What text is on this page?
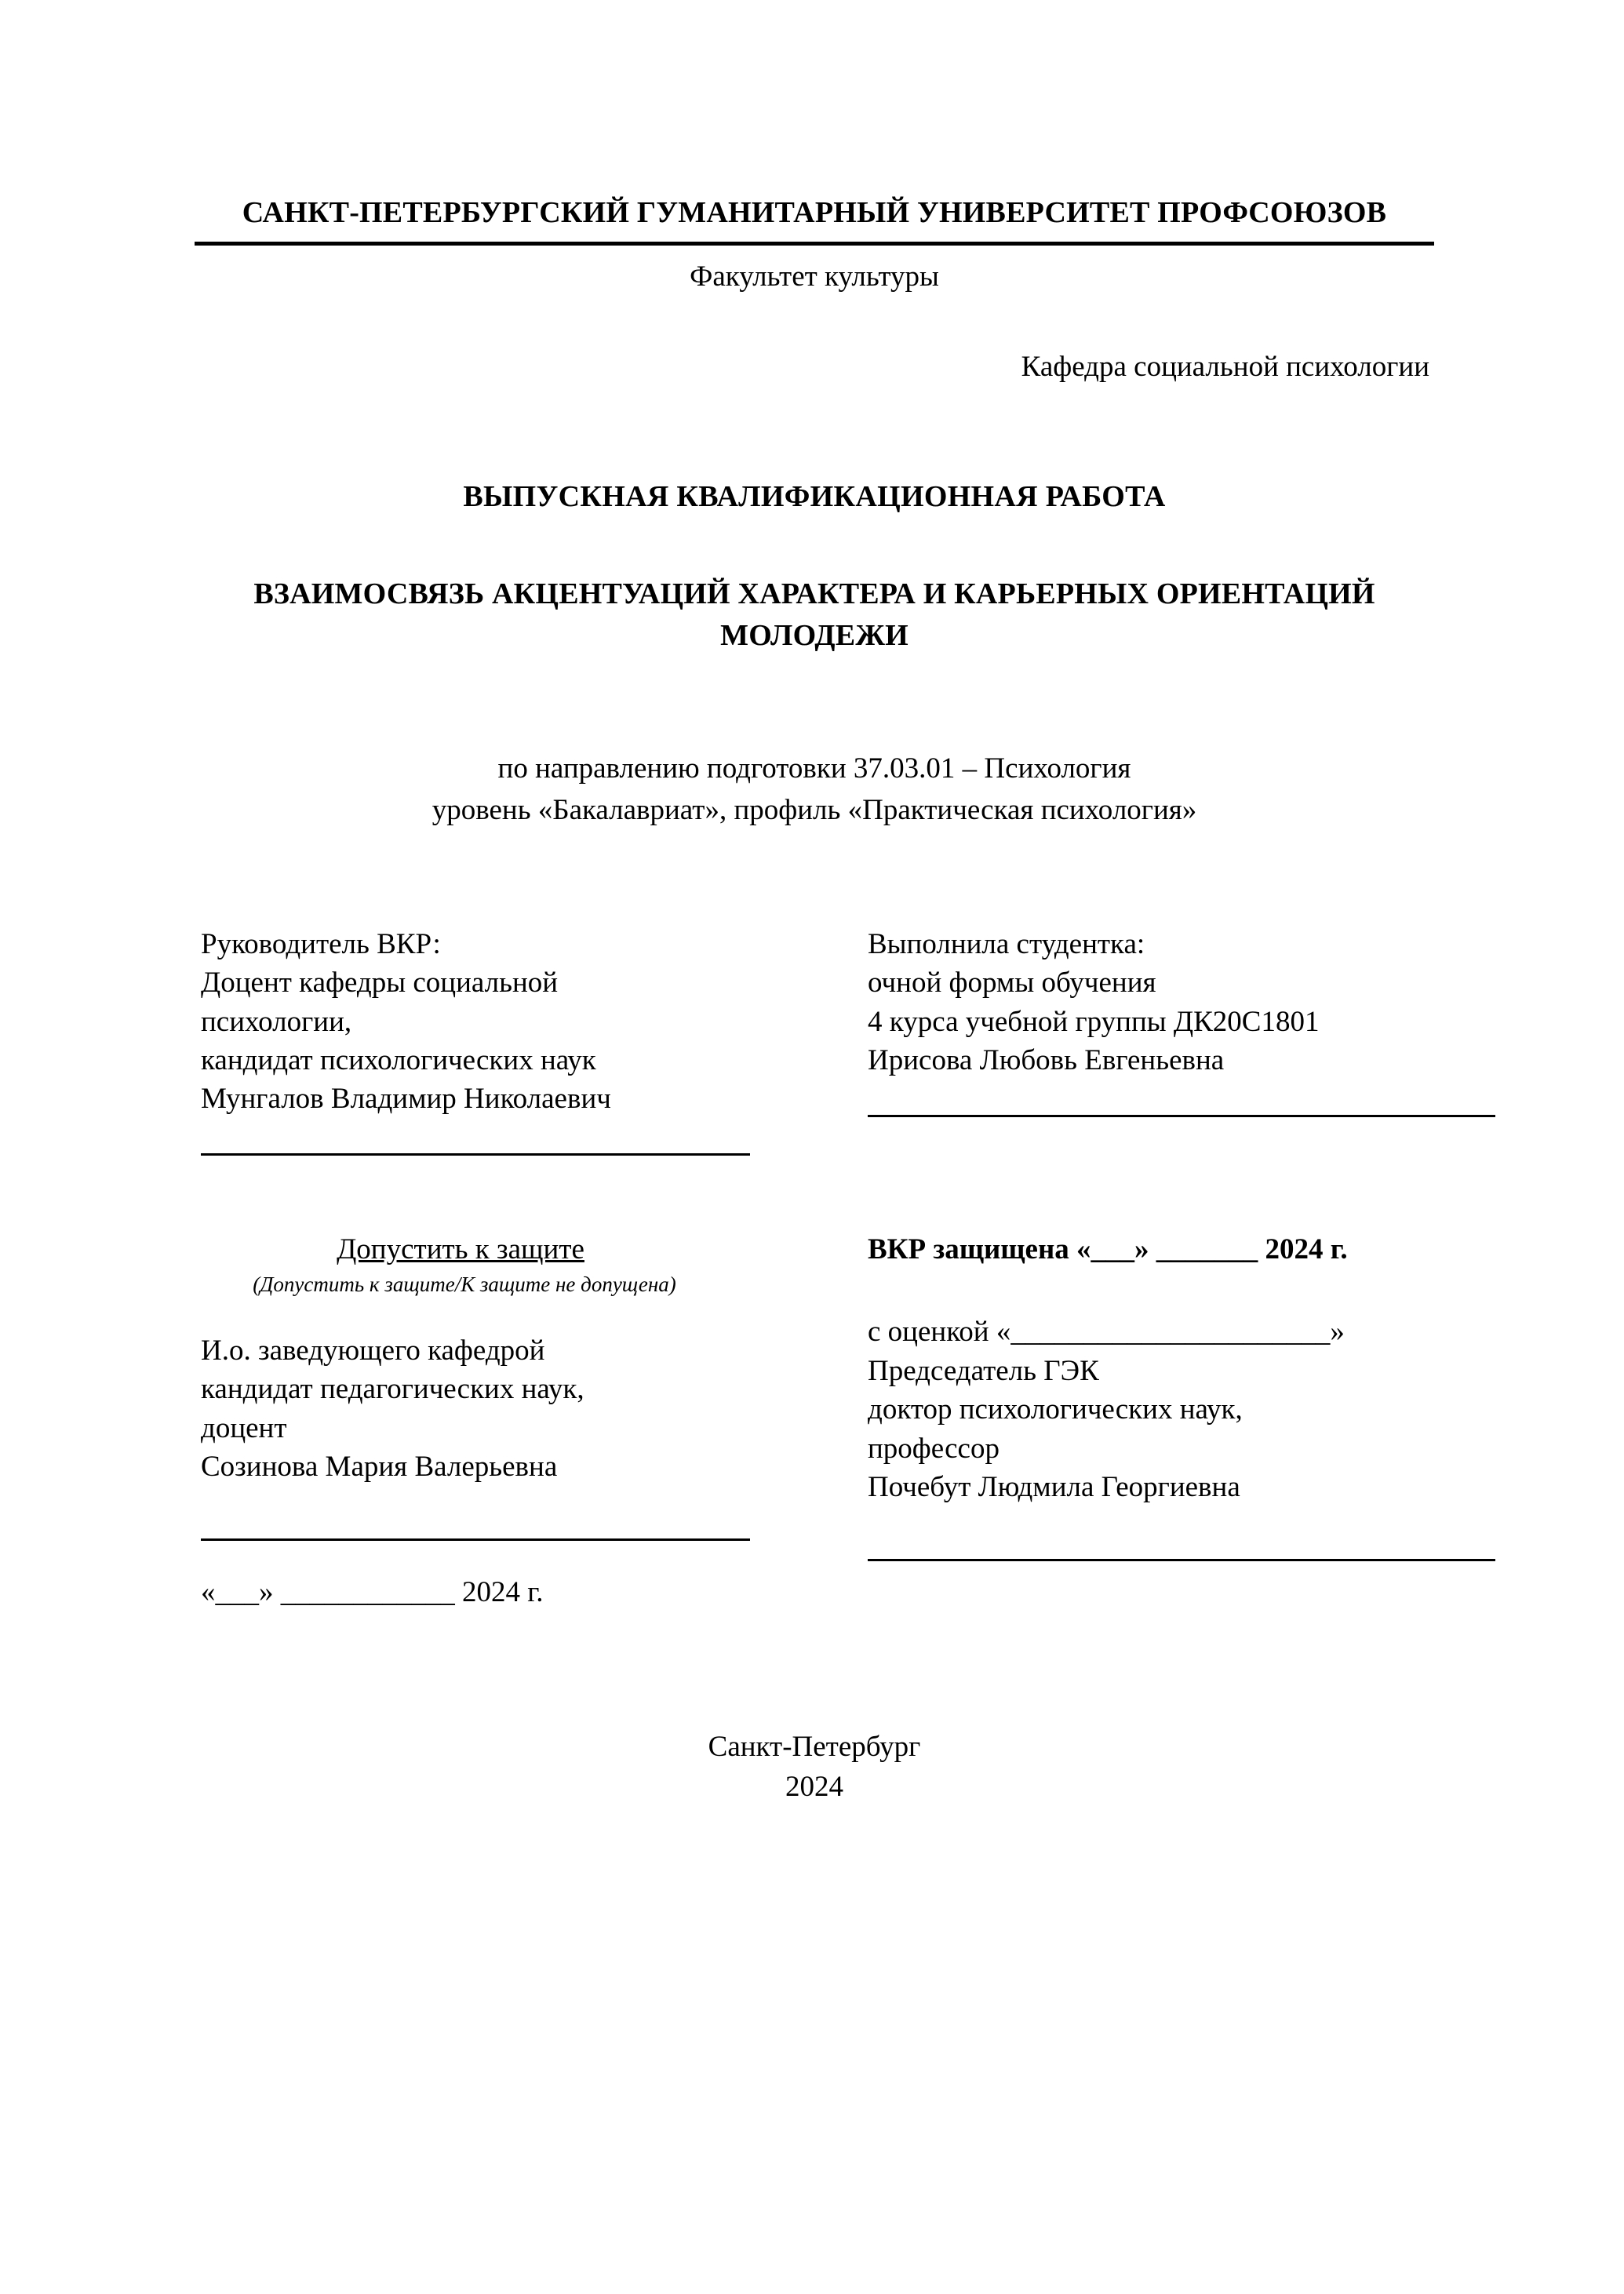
САНКТ-ПЕТЕРБУРГСКИЙ ГУМАНИТАРНЫЙ УНИВЕРСИТЕТ ПРОФСОЮЗОВ
Факультет культуры
Кафедра социальной психологии
ВЫПУСКНАЯ КВАЛИФИКАЦИОННАЯ РАБОТА
ВЗАИМОСВЯЗЬ АКЦЕНТУАЦИЙ ХАРАКТЕРА И КАРЬЕРНЫХ ОРИЕНТАЦИЙ МОЛОДЕЖИ
по направлению подготовки 37.03.01 – Психология
уровень «Бакалавриат», профиль «Практическая психология»
Руководитель ВКР:
Доцент кафедры социальной
психологии,
кандидат психологических наук
Мунгалов Владимир Николаевич
Выполнила студентка:
очной формы обучения
4 курса учебной группы ДК20С1801
Ирисова Любовь Евгеньевна
Допустить к защите
(Допустить к защите/К защите не допущена)
И.о. заведующего кафедрой
кандидат педагогических наук,
доцент
Созинова Мария Валерьевна
«___» ____________ 2024 г.
ВКР защищена «___» _______ 2024 г.
с оценкой «______________________»
Председатель ГЭК
доктор психологических наук,
профессор
Почебут Людмила Георгиевна
Санкт-Петербург
2024
